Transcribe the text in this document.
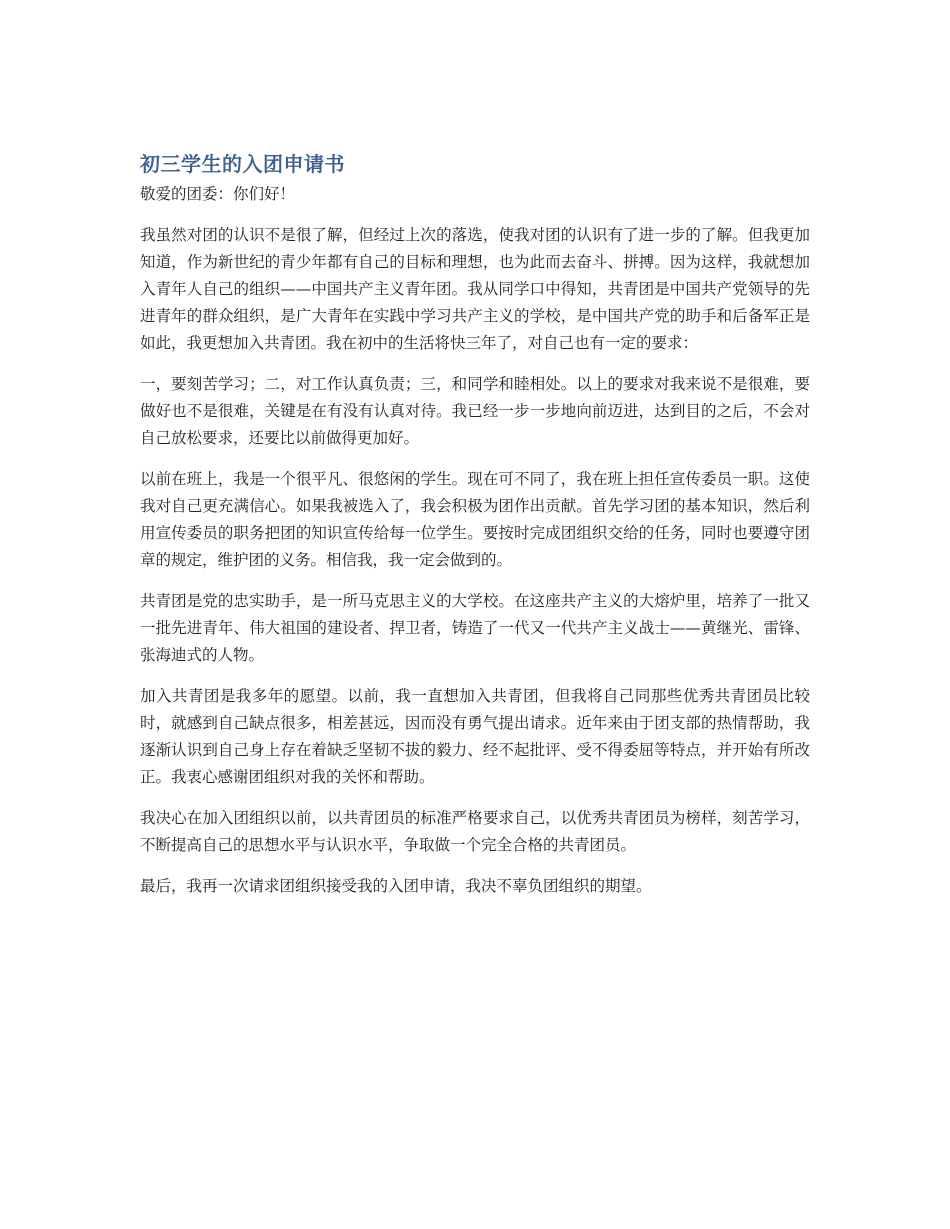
初三学生的入团申请书

敬爱的团委：你们好！

我虽然对团的认识不是很了解，但经过上次的落选，使我对团的认识有了进一步的了解。但我更加知道，作为新世纪的青少年都有自己的目标和理想，也为此而去奋斗、拼搏。因为这样，我就想加入青年人自己的组织——中国共产主义青年团。我从同学口中得知，共青团是中国共产党领导的先进青年的群众组织，是广大青年在实践中学习共产主义的学校，是中国共产党的助手和后备军正是如此，我更想加入共青团。我在初中的生活将快三年了，对自己也有一定的要求：

一，要刻苦学习；二，对工作认真负责；三，和同学和睦相处。以上的要求对我来说不是很难，要做好也不是很难，关键是在有没有认真对待。我已经一步一步地向前迈进，达到目的之后，不会对自己放松要求，还要比以前做得更加好。

以前在班上，我是一个很平凡、很悠闲的学生。现在可不同了，我在班上担任宣传委员一职。这使我对自己更充满信心。如果我被选入了，我会积极为团作出贡献。首先学习团的基本知识，然后利用宣传委员的职务把团的知识宣传给每一位学生。要按时完成团组织交给的任务，同时也要遵守团章的规定，维护团的义务。相信我，我一定会做到的。

共青团是党的忠实助手，是一所马克思主义的大学校。在这座共产主义的大熔炉里，培养了一批又一批先进青年、伟大祖国的建设者、捍卫者，铸造了一代又一代共产主义战士——黄继光、雷锋、张海迪式的人物。

加入共青团是我多年的愿望。以前，我一直想加入共青团，但我将自己同那些优秀共青团员比较时，就感到自己缺点很多，相差甚远，因而没有勇气提出请求。近年来由于团支部的热情帮助，我逐渐认识到自己身上存在着缺乏坚韧不拔的毅力、经不起批评、受不得委屈等特点，并开始有所改正。我衷心感谢团组织对我的关怀和帮助。

我决心在加入团组织以前，以共青团员的标准严格要求自己，以优秀共青团员为榜样，刻苦学习，不断提高自己的思想水平与认识水平，争取做一个完全合格的共青团员。

最后，我再一次请求团组织接受我的入团申请，我决不辜负团组织的期望。
